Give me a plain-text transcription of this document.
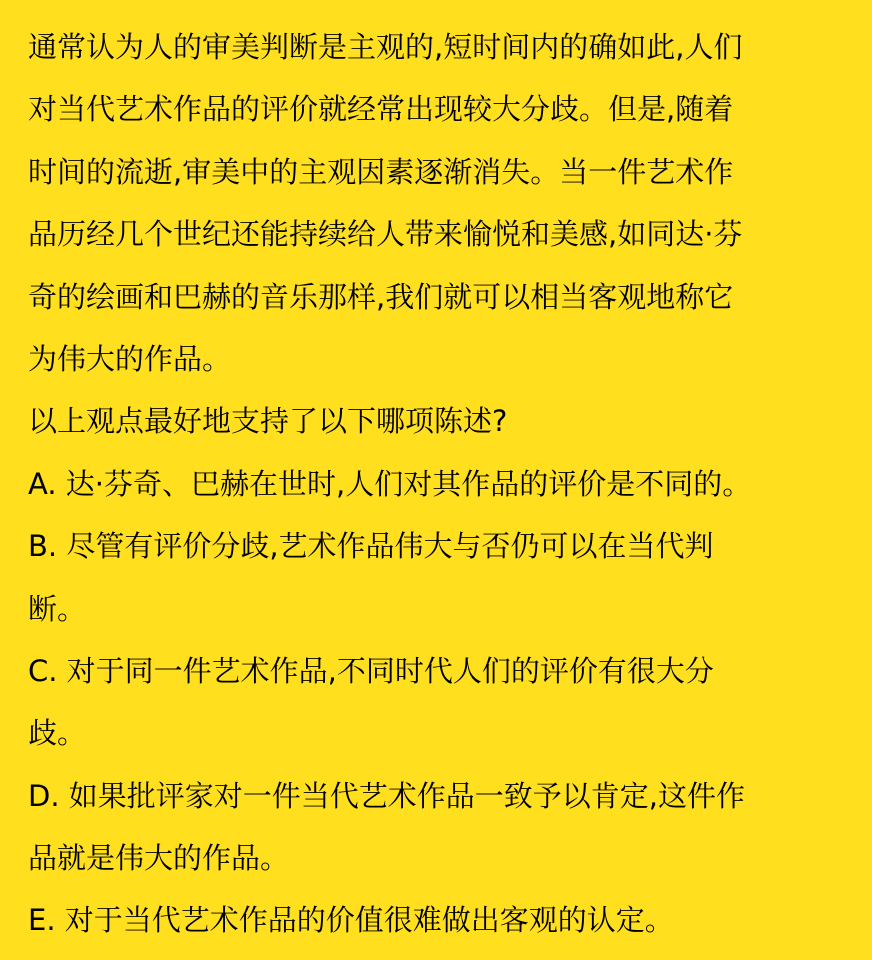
通常认为人的审美判断是主观的,短时间内的确如此,人们
对当代艺术作品的评价就经常出现较大分歧。但是,随着
时间的流逝,审美中的主观因素逐渐消失。当一件艺术作
品历经几个世纪还能持续给人带来愉悦和美感,如同达·芬
奇的绘画和巴赫的音乐那样,我们就可以相当客观地称它
为伟大的作品。
以上观点最好地支持了以下哪项陈述?
A. 达·芬奇、巴赫在世时,人们对其作品的评价是不同的。
B. 尽管有评价分歧,艺术作品伟大与否仍可以在当代判
断。
C. 对于同一件艺术作品,不同时代人们的评价有很大分
歧。
D. 如果批评家对一件当代艺术作品一致予以肯定,这件作
品就是伟大的作品。
E. 对于当代艺术作品的价值很难做出客观的认定。
